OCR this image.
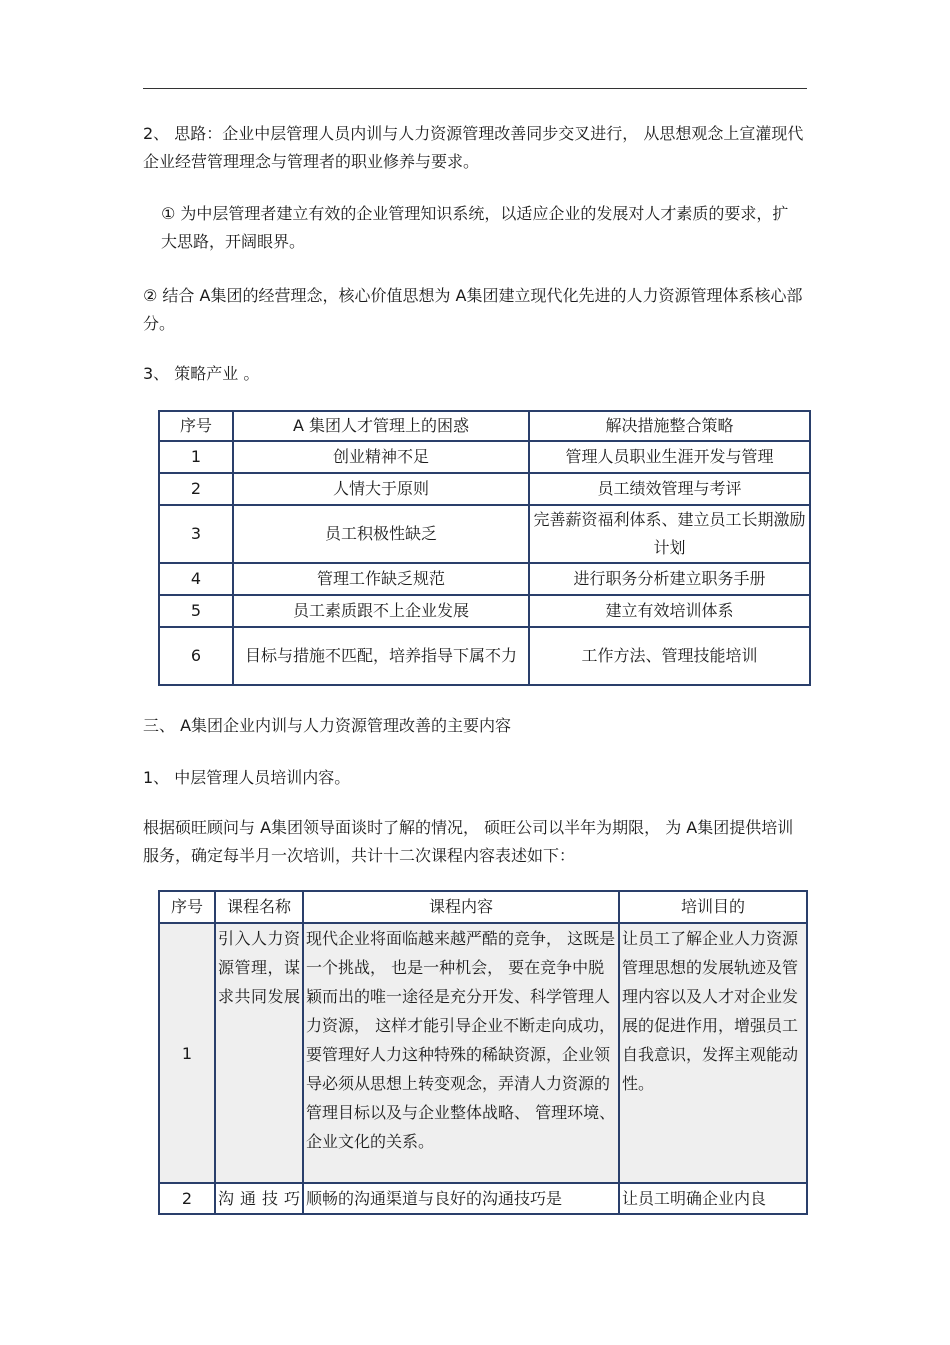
2、 思路：企业中层管理人员内训与人力资源管理改善同步交叉进行， 从思想观念上宣灌现代企业经营管理理念与管理者的职业修养与要求。

① 为中层管理者建立有效的企业管理知识系统，以适应企业的发展对人才素质的要求，扩大思路，开阔眼界。

② 结合 A集团的经营理念，核心价值思想为 A集团建立现代化先进的人力资源管理体系核心部分。

3、 策略产业 。

序号	A 集团人才管理上的困惑	解决措施整合策略
1	创业精神不足	管理人员职业生涯开发与管理
2	人情大于原则	员工绩效管理与考评
3	员工积极性缺乏	完善薪资福利体系、建立员工长期激励计划
4	管理工作缺乏规范	进行职务分析建立职务手册
5	员工素质跟不上企业发展	建立有效培训体系
6	目标与措施不匹配，培养指导下属不力	工作方法、管理技能培训

三、 A集团企业内训与人力资源管理改善的主要内容

1、 中层管理人员培训内容。

根据硕旺顾问与 A集团领导面谈时了解的情况， 硕旺公司以半年为期限， 为 A集团提供培训服务，确定每半月一次培训，共计十二次课程内容表述如下：

序号	课程名称	课程内容	培训目的
1	引入人力资源管理，谋求共同发展	现代企业将面临越来越严酷的竞争， 这既是一个挑战， 也是一种机会， 要在竞争中脱颖而出的唯一途径是充分开发、科学管理人力资源， 这样才能引导企业不断走向成功，要管理好人力这种特殊的稀缺资源，企业领导必须从思想上转变观念，弄清人力资源的管理目标以及与企业整体战略、 管理环境、 企业文化的关系。	让员工了解企业人力资源管理思想的发展轨迹及管理内容以及人才对企业发展的促进作用，增强员工自我意识，发挥主观能动性。
2	沟通技巧	顺畅的沟通渠道与良好的沟通技巧是	让员工明确企业内良
